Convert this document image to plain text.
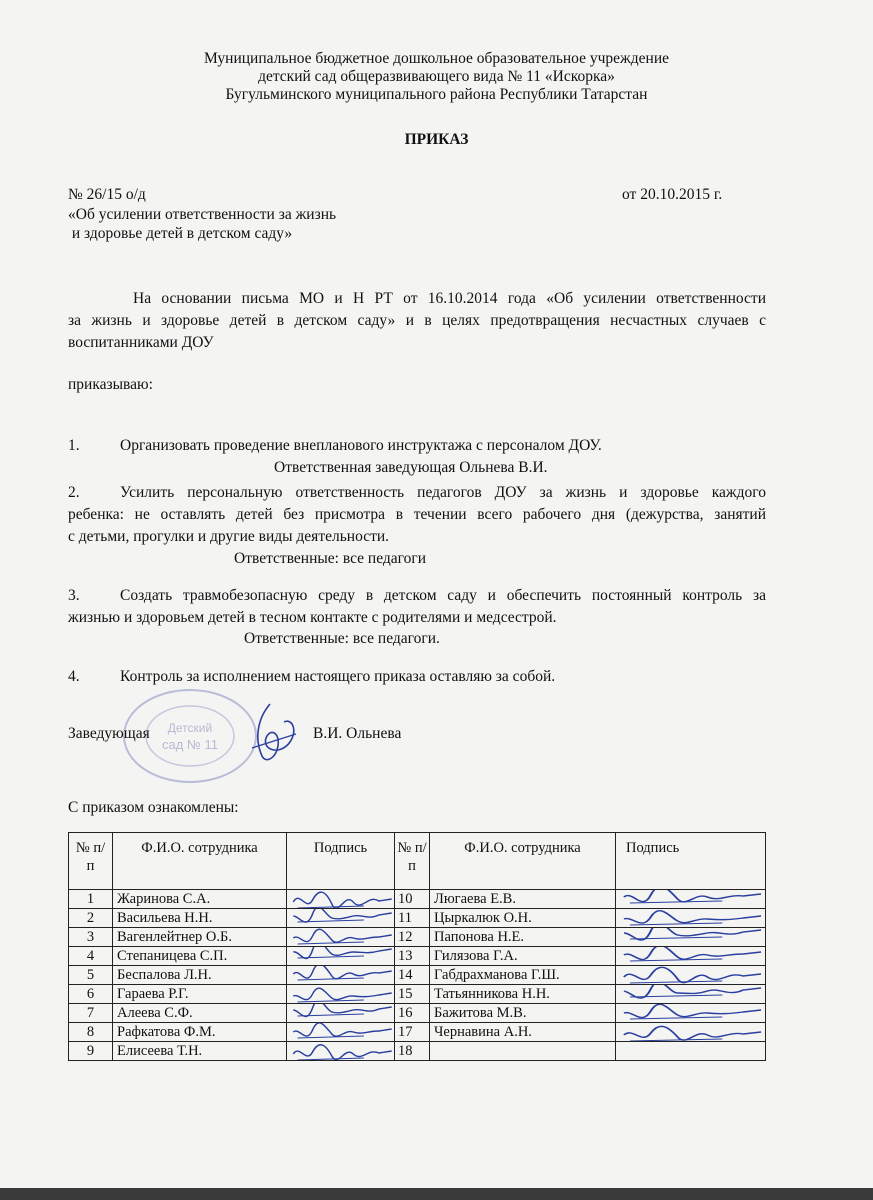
Муниципальное бюджетное дошкольное образовательное учреждение
детский сад общеразвивающего вида № 11 «Искорка»
Бугульминского муниципального района Республики Татарстан
ПРИКАЗ
№ 26/15 о/д	от 20.10.2015 г.
«Об усилении ответственности за жизнь
и здоровье детей в детском саду»
На основании письма МО и Н РТ от 16.10.2014 года «Об усилении ответственности
за жизнь и здоровье детей в детском саду» и в целях предотвращения несчастных случаев с
воспитанниками ДОУ
приказываю:
1.	Организовать проведение внепланового инструктажа с персоналом ДОУ.
Ответственная заведующая Ольнева В.И.
2.	Усилить персональную ответственность педагогов ДОУ за жизнь и здоровье каждого
ребенка: не оставлять детей без присмотра в течении всего рабочего дня (дежурства, занятий
с детьми, прогулки и другие виды деятельности.
Ответственные: все педагоги
3.	Создать травмобезопасную среду в детском саду и обеспечить постоянный контроль за
жизнью и здоровьем детей в тесном контакте с родителями и медсестрой.
Ответственные: все педагоги.
4.	Контроль за исполнением настоящего приказа оставляю за собой.
Детский
сад № 11
Заведующая	В.И. Ольнева
С приказом ознакомлены:
№ п/п	Ф.И.О. сотрудника	Подпись	№ п/п	Ф.И.О. сотрудника	Подпись
1	Жаринова С.А.		10	Люгаева Е.В.	

2	Васильева Н.Н.		11	Цыркалюк О.Н.	

3	Вагенлейтнер О.Б.		12	Папонова Н.Е.	

4	Степаницева С.П.		13	Гилязова Г.А.	

5	Беспалова Л.Н.		14	Габдрахманова Г.Ш.	

6	Гараева Р.Г.		15	Татьянникова Н.Н.	

7	Алеева С.Ф.		16	Бажитова М.В.	

8	Рафкатова Ф.М.		17	Чернавина А.Н.	

9	Елисеева Т.Н.		18		
